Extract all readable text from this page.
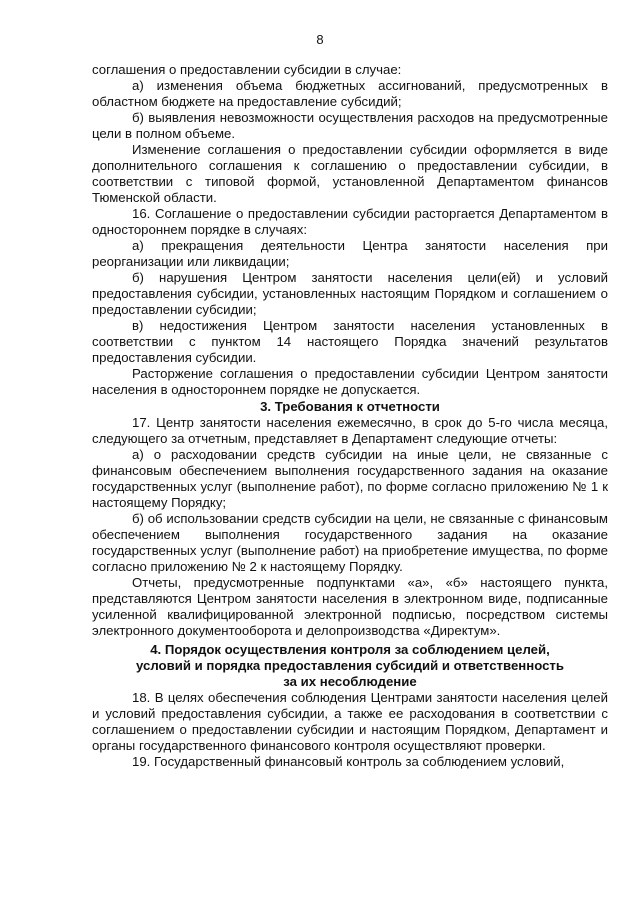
8

соглашения о предоставлении субсидии в случае:

а) изменения объема бюджетных ассигнований, предусмотренных в областном бюджете на предоставление субсидий;

б) выявления невозможности осуществления расходов на предусмотренные цели в полном объеме.

Изменение соглашения о предоставлении субсидии оформляется в виде дополнительного соглашения к соглашению о предоставлении субсидии, в соответствии с типовой формой, установленной Департаментом финансов Тюменской области.

16. Соглашение о предоставлении субсидии расторгается Департаментом в одностороннем порядке в случаях:

а) прекращения деятельности Центра занятости населения при реорганизации или ликвидации;

б) нарушения Центром занятости населения цели(ей) и условий предоставления субсидии, установленных настоящим Порядком и соглашением о предоставлении субсидии;

в) недостижения Центром занятости населения установленных в соответствии с пунктом 14 настоящего Порядка значений результатов предоставления субсидии.

Расторжение соглашения о предоставлении субсидии Центром занятости населения в одностороннем порядке не допускается.

3. Требования к отчетности

17. Центр занятости населения ежемесячно, в срок до 5-го числа месяца, следующего за отчетным, представляет в Департамент следующие отчеты:

а) о расходовании средств субсидии на иные цели, не связанные с финансовым обеспечением выполнения государственного задания на оказание государственных услуг (выполнение работ), по форме согласно приложению № 1 к настоящему Порядку;

б) об использовании средств субсидии на цели, не связанные с финансовым обеспечением выполнения государственного задания на оказание государственных услуг (выполнение работ) на приобретение имущества, по форме согласно приложению № 2 к настоящему Порядку.

Отчеты, предусмотренные подпунктами «а», «б» настоящего пункта, представляются Центром занятости населения в электронном виде, подписанные усиленной квалифицированной электронной подписью, посредством системы электронного документооборота и делопроизводства «Директум».

4. Порядок осуществления контроля за соблюдением целей,
условий и порядка предоставления субсидий и ответственность
за их несоблюдение

18. В целях обеспечения соблюдения Центрами занятости населения целей и условий предоставления субсидии, а также ее расходования в соответствии с соглашением о предоставлении субсидии и настоящим Порядком, Департамент и органы государственного финансового контроля осуществляют проверки.

19. Государственный финансовый контроль за соблюдением условий,
